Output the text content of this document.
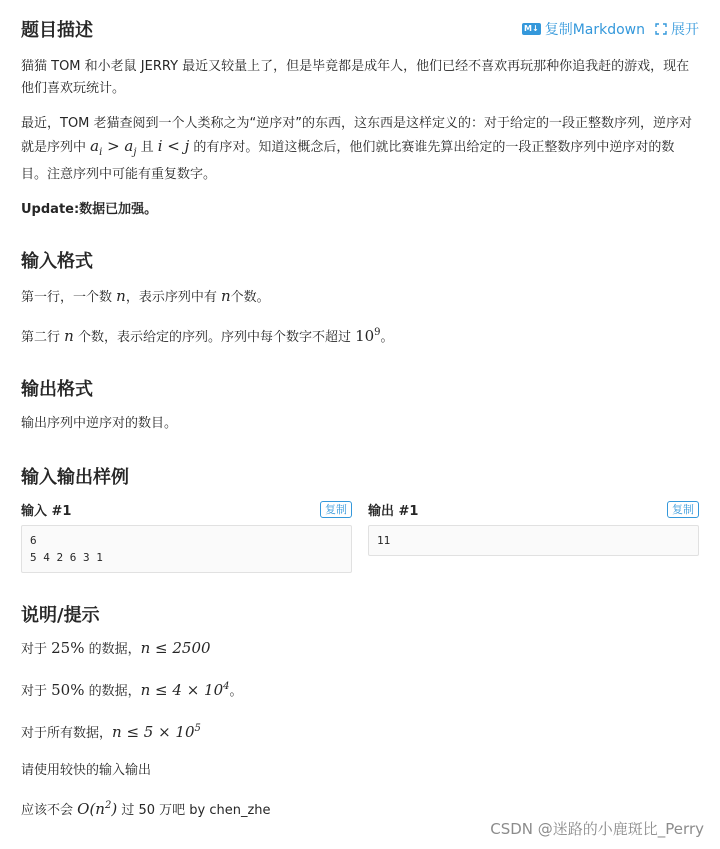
题目描述	M↓ 复制Markdown 展开

猫猫 TOM 和小老鼠 JERRY 最近又较量上了，但是毕竟都是成年人，他们已经不喜欢再玩那种你追我赶的游戏，现在他们喜欢玩统计。

最近，TOM 老猫查阅到一个人类称之为“逆序对”的东西，这东西是这样定义的：对于给定的一段正整数序列，逆序对就是序列中 $a_i > a_j$ 且 i < j 的有序对。知道这概念后，他们就比赛谁先算出给定的一段正整数序列中逆序对的数目。注意序列中可能有重复数字。

Update:数据已加强。

输入格式

第一行，一个数 n，表示序列中有 n个数。

第二行 n 个数，表示给定的序列。序列中每个数字不超过 $10^9$。

输出格式

输出序列中逆序对的数目。

输入输出样例
输入 #1	复制
6
5 4 2 6 3 1
输出 #1	复制
11
说明/提示

对于 25% 的数据，n ≤ 2500

对于 50% 的数据，$n \le 4 \times 10^4$。

对于所有数据，$n \le 5 \times 10^5$

请使用较快的输入输出

应该不会 $O(n^2)$ 过 50 万吧 by chen_zhe

CSDN @迷路的小鹿斑比_Perry
